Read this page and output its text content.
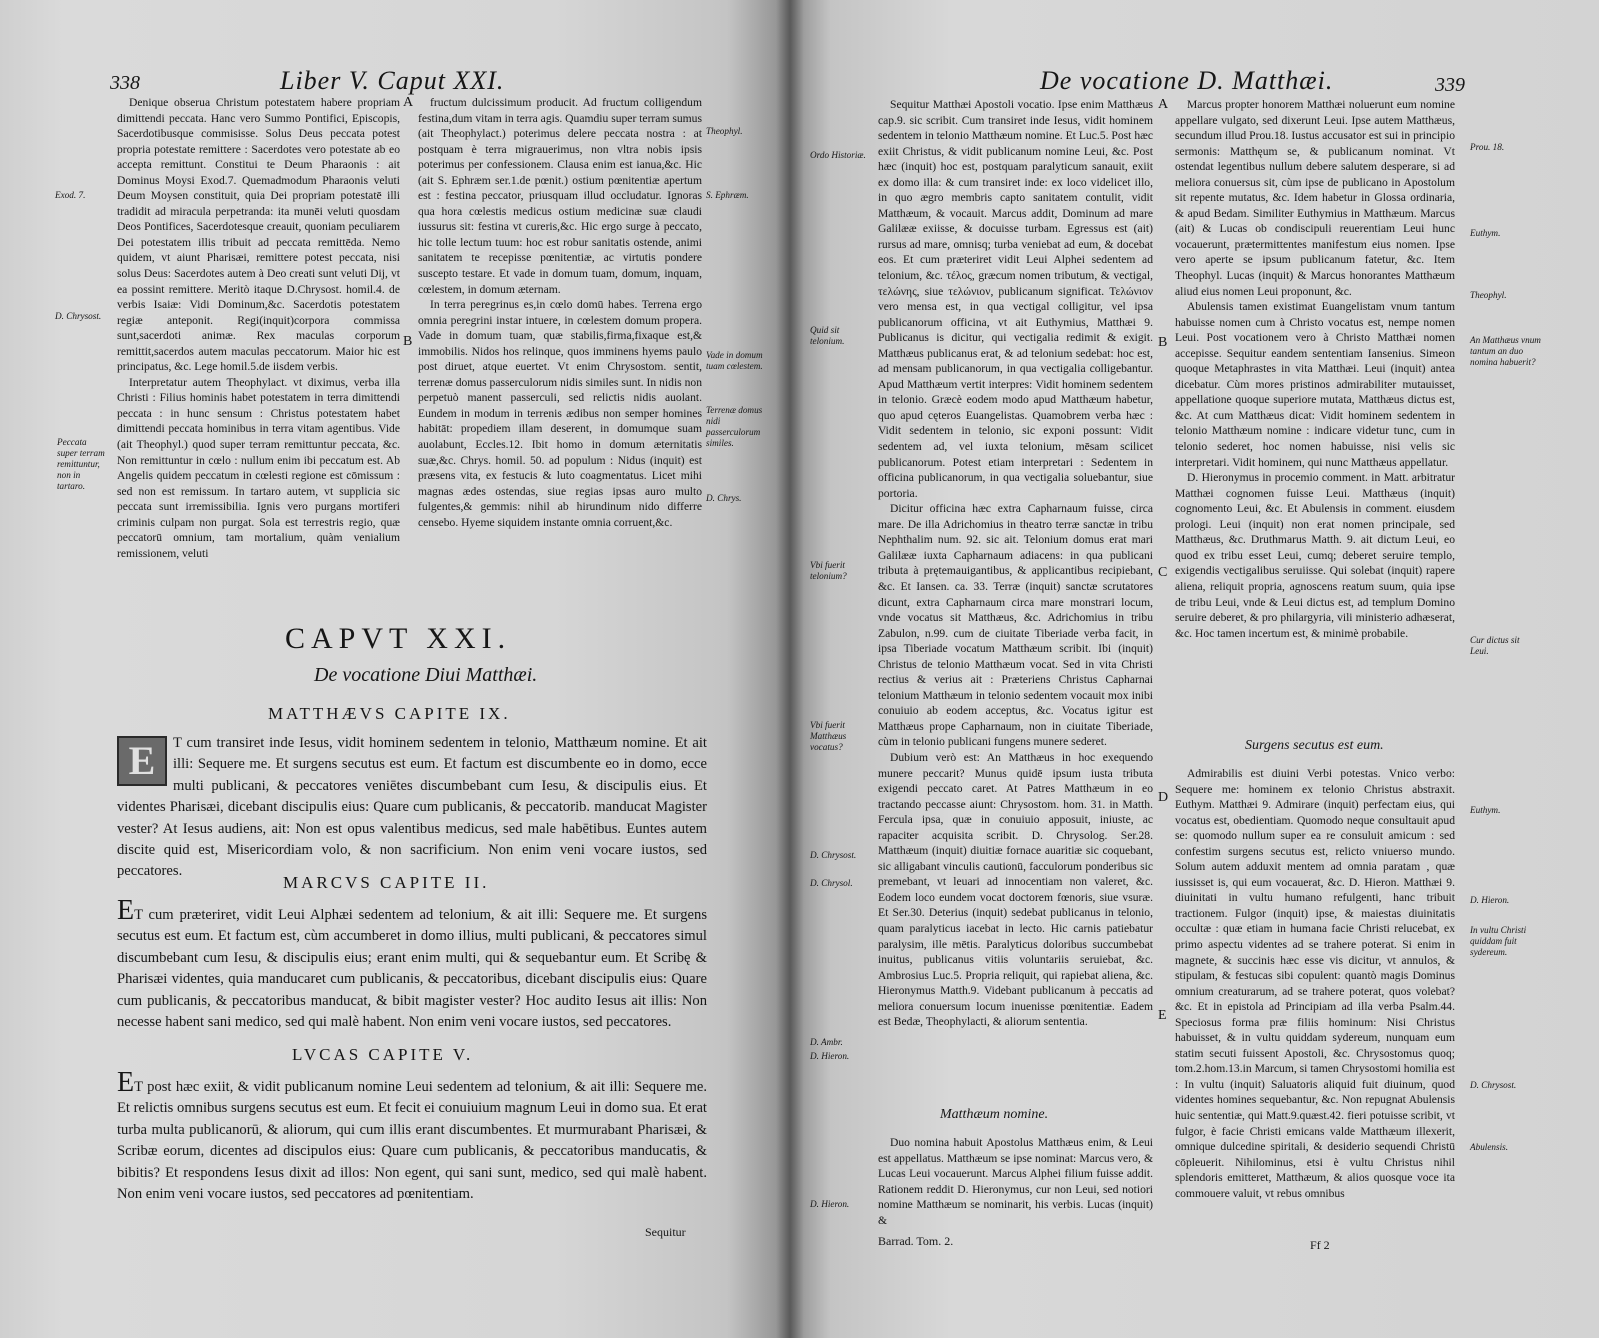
338	Liber V. Caput XXI.

Denique obserua Christum potestatem habere propriam dimittendi peccata. Hanc vero Summo Pontifici, Episcopis, Sacerdotibusque commisisse. Solus Deus peccata potest propria potestate remittere : Sacerdotes vero potestate ab eo accepta remittunt. Constitui te Deum Pharaonis : ait Dominus Moysi Exod.7. Quemadmodum Pharaonis veluti Deum Moysen constituit, quia Dei propriam potestatē illi tradidit ad miracula perpetranda: ita munēi veluti quosdam Deos Pontifices, Sacerdotesque creauit, quoniam peculiarem Dei potestatem illis tribuit ad peccata remittēda. Nemo quidem, vt aiunt Pharisæi, remittere potest peccata, nisi solus Deus: Sacerdotes autem à Deo creati sunt veluti Dij, vt ea possint remittere. Meritò itaque D.Chrysost. homil.4. de verbis Isaiæ: Vidi Dominum,&c. Sacerdotis potestatem regiæ anteponit. Regi(inquit)corpora commissa sunt,sacerdoti animæ. Rex maculas corporum remittit,sacerdos autem maculas peccatorum. Maior hic est principatus, &c. Lege homil.5.de iisdem verbis.

Interpretatur autem Theophylact. vt diximus, verba illa Christi : Filius hominis habet potestatem in terra dimittendi peccata : in hunc sensum : Christus potestatem habet dimittendi peccata hominibus in terra vitam agentibus. Vide (ait Theophyl.) quod super terram remittuntur peccata, &c. Non remittuntur in cœlo : nullum enim ibi peccatum est. Ab Angelis quidem peccatum in cœlesti regione est cōmissum : sed non est remissum. In tartaro autem, vt supplicia sic peccata sunt irremissibilia. Ignis vero purgans mortiferi criminis culpam non purgat. Sola est terrestris regio, quæ peccatorū omnium, tam mortalium, quàm venialium remissionem, veluti

Exod. 7.
D. Chrysost.
Peccata super terram remittuntur, non in tartaro.
A
B

fructum dulcissimum producit. Ad fructum colligendum festina,dum vitam in terra agis. Quamdiu super terram sumus (ait Theophylact.) poterimus delere peccata nostra : at postquam è terra migrauerimus, non vltra nobis ipsis poterimus per confessionem. Clausa enim est ianua,&c. Hic (ait S. Ephræm ser.1.de pœnit.) ostium pœnitentiæ apertum est : festina peccator, priusquam illud occludatur. Ignoras qua hora cœlestis medicus ostium medicinæ suæ claudi iussurus sit: festina vt cureris,&c. Hic ergo surge à peccato, hic tolle lectum tuum: hoc est robur sanitatis ostende, animi sanitatem te recepisse pœnitentiæ, ac virtutis pondere suscepto testare. Et vade in domum tuam, domum, inquam, cœlestem, in domum æternam.

In terra peregrinus es,in cœlo domū habes. Terrena ergo omnia peregrini instar intuere, in cœlestem domum propera. Vade in domum tuam, quæ stabilis,firma,fixaque est,& immobilis. Nidos hos relinque, quos imminens hyems paulo post diruet, atque euertet. Vt enim Chrysostom. sentit, terrenæ domus passerculorum nidis similes sunt. In nidis non perpetuò manent passerculi, sed relictis nidis auolant. Eundem in modum in terrenis ædibus non semper homines habitāt: propediem illam deserent, in domumque suam auolabunt, Eccles.12. Ibit homo in domum æternitatis suæ,&c. Chrys. homil. 50. ad populum : Nidus (inquit) est præsens vita, ex festucis & luto coagmentatus. Licet mihi magnas ædes ostendas, siue regias ipsas auro multo fulgentes,& gemmis: nihil ab hirundinum nido differre censebo. Hyeme siquidem instante omnia corruent,&c.

Theophyl.
S. Ephræm.
Vade in domum tuam cœlestem.
Terrenæ domus nidi passerculorum similes.
D. Chrys.
CAPVT XXI.
De vocatione Diui Matthæi.
MATTHÆVS CAPITE IX.

E	T cum transiret inde Iesus, vidit hominem sedentem in telonio, Matthæum nomine. Et ait illi: Sequere me. Et surgens secutus est eum. Et factum est discumbente eo in domo, ecce multi publicani, & peccatores veniētes discumbebant cum Iesu, & discipulis eius. Et videntes Pharisæi, dicebant discipulis eius: Quare cum publicanis, & peccatorib. manducat Magister vester? At Iesus audiens, ait: Non est opus valentibus medicus, sed male habētibus. Euntes autem discite quid est, Misericordiam volo, & non sacrificium. Non enim veni vocare iustos, sed peccatores.

MARCVS CAPITE II.

ET cum præteriret, vidit Leui Alphæi sedentem ad telonium, & ait illi: Sequere me. Et surgens secutus est eum. Et factum est, cùm accumberet in domo illius, multi publicani, & peccatores simul discumbebant cum Iesu, & discipulis eius; erant enim multi, qui & sequebantur eum. Et Scribę & Pharisæi videntes, quia manducaret cum publicanis, & peccatoribus, dicebant discipulis eius: Quare cum publicanis, & peccatoribus manducat, & bibit magister vester? Hoc audito Iesus ait illis: Non necesse habent sani medico, sed qui malè habent. Non enim veni vocare iustos, sed peccatores.

LVCAS CAPITE V.

ET post hæc exiit, & vidit publicanum nomine Leui sedentem ad telonium, & ait illi: Sequere me. Et relictis omnibus surgens secutus est eum. Et fecit ei conuiuium magnum Leui in domo sua. Et erat turba multa publicanorū, & aliorum, qui cum illis erant discumbentes. Et murmurabant Pharisæi, & Scribæ eorum, dicentes ad discipulos eius: Quare cum publicanis, & peccatoribus manducatis, & bibitis? Et respondens Iesus dixit ad illos: Non egent, qui sani sunt, medico, sed qui malè habent. Non enim veni vocare iustos, sed peccatores ad pœnitentiam.

Sequitur
De vocatione D. Matthæi.	339

Sequitur Matthæi Apostoli vocatio. Ipse enim Matthæus cap.9. sic scribit. Cum transiret inde Iesus, vidit hominem sedentem in telonio Matthæum nomine. Et Luc.5. Post hæc exiit Christus, & vidit publicanum nomine Leui, &c. Post hæc (inquit) hoc est, postquam paralyticum sanauit, exiit ex domo illa: & cum transiret inde: ex loco videlicet illo, in quo ægro membris capto sanitatem contulit, vidit Matthæum, & vocauit. Marcus addit, Dominum ad mare Galilææ exiisse, & docuisse turbam. Egressus est (ait) rursus ad mare, omnisq; turba veniebat ad eum, & docebat eos. Et cum præteriret vidit Leui Alphei sedentem ad telonium, &c. τέλος, græcum nomen tributum, & vectigal, τελώνης, siue τελώνιον, publicanum significat. Τελώνιον vero mensa est, in qua vectigal colligitur, vel ipsa publicanorum officina, vt ait Euthymius, Matthæi 9. Publicanus is dicitur, qui vectigalia redimit & exigit. Matthæus publicanus erat, & ad telonium sedebat: hoc est, ad mensam publicanorum, in qua vectigalia colligebantur. Apud Matthæum vertit interpres: Vidit hominem sedentem in telonio. Græcè eodem modo apud Matthæum habetur, quo apud cęteros Euangelistas. Quamobrem verba hæc : Vidit sedentem in telonio, sic exponi possunt: Vidit sedentem ad, vel iuxta telonium, mēsam scilicet publicanorum. Potest etiam interpretari : Sedentem in officina publicanorum, in qua vectigalia soluebantur, siue portoria.

Dicitur officina hæc extra Capharnaum fuisse, circa mare. De illa Adrichomius in theatro terræ sanctæ in tribu Nephthalim num. 92. sic ait. Telonium domus erat mari Galilææ iuxta Capharnaum adiacens: in qua publicani tributa à prętemauigantibus, & applicantibus recipiebant, &c. Et Iansen. ca. 33. Terræ (inquit) sanctæ scrutatores dicunt, extra Capharnaum circa mare monstrari locum, vnde vocatus sit Matthæus, &c. Adrichomius in tribu Zabulon, n.99. cum de ciuitate Tiberiade verba facit, in ipsa Tiberiade vocatum Matthæum scribit. Ibi (inquit) Christus de telonio Matthæum vocat. Sed in vita Christi rectius & verius ait : Præteriens Christus Capharnai telonium Matthæum in telonio sedentem vocauit mox inibi conuiuio ab eodem acceptus, &c. Vocatus igitur est Matthæus prope Capharnaum, non in ciuitate Tiberiade, cùm in telonio publicani fungens munere sederet.

Dubium verò est: An Matthæus in hoc exequendo munere peccarit? Munus quidē ipsum iusta tributa exigendi peccato caret. At Patres Matthæum in eo tractando peccasse aiunt: Chrysostom. hom. 31. in Matth. Fercula ipsa, quæ in conuiuio apposuit, iniuste, ac rapaciter acquisita scribit. D. Chrysolog. Ser.28. Matthæum (inquit) diuitiæ fornace auaritiæ sic coquebant, sic alligabant vinculis cautionū, facculorum ponderibus sic premebant, vt leuari ad innocentiam non valeret, &c. Eodem loco eundem vocat doctorem fœnoris, siue vsuræ. Et Ser.30. Deterius (inquit) sedebat publicanus in telonio, quam paralyticus iacebat in lecto. Hic carnis patiebatur paralysim, ille mētis. Paralyticus doloribus succumbebat inuitus, publicanus vitiis voluntariis seruiebat, &c. Ambrosius Luc.5. Propria reliquit, qui rapiebat aliena, &c. Hieronymus Matth.9. Videbant publicanum à peccatis ad meliora conuersum locum inuenisse pœnitentiæ. Eadem est Bedæ, Theophylacti, & aliorum sententia.

Matthæum nomine.

Duo nomina habuit Apostolus Matthæus enim, & Leui est appellatus. Matthæum se ipse nominat: Marcus vero, & Lucas Leui vocauerunt. Marcus Alphei filium fuisse addit. Rationem reddit D. Hieronymus, cur non Leui, sed notiori nomine Matthæum se nominarit, his verbis. Lucas (inquit) &

Barrad. Tom. 2.
Ordo Historiæ.
Quid sit telonium.
Vbi fuerit telonium?
Vbi fuerit Matthæus vocatus?
D. Chrysost.
D. Chrysol.
D. Ambr.
D. Hieron.
D. Hieron.
A
B
C
D
E

Marcus propter honorem Matthæi noluerunt eum nomine appellare vulgato, sed dixerunt Leui. Ipse autem Matthæus, secundum illud Prou.18. Iustus accusator est sui in principio sermonis: Matthęum se, & publicanum nominat. Vt ostendat legentibus nullum debere salutem desperare, si ad meliora conuersus sit, cùm ipse de publicano in Apostolum sit repente mutatus, &c. Idem habetur in Glossa ordinaria, & apud Bedam. Similiter Euthymius in Matthæum. Marcus (ait) & Lucas ob condiscipuli reuerentiam Leui hunc vocauerunt, prætermittentes manifestum eius nomen. Ipse vero aperte se ipsum publicanum fatetur, &c. Item Theophyl. Lucas (inquit) & Marcus honorantes Matthæum aliud eius nomen Leui proponunt, &c.

Abulensis tamen existimat Euangelistam vnum tantum habuisse nomen cum à Christo vocatus est, nempe nomen Leui. Post vocationem vero à Christo Matthæi nomen accepisse. Sequitur eandem sententiam Iansenius. Simeon quoque Metaphrastes in vita Matthæi. Leui (inquit) antea dicebatur. Cùm mores pristinos admirabiliter mutauisset, appellatione quoque superiore mutata, Matthæus dictus est, &c. At cum Matthæus dicat: Vidit hominem sedentem in telonio Matthæum nomine : indicare videtur tunc, cum in telonio sederet, hoc nomen habuisse, nisi velis sic interpretari. Vidit hominem, qui nunc Matthæus appellatur.

D. Hieronymus in procemio comment. in Matt. arbitratur Matthæi cognomen fuisse Leui. Matthæus (inquit) cognomento Leui, &c. Et Abulensis in comment. eiusdem prologi. Leui (inquit) non erat nomen principale, sed Matthæus, &c. Druthmarus Matth. 9. ait dictum Leui, eo quod ex tribu esset Leui, cumq; deberet seruire templo, exigendis vectigalibus seruiisse. Qui solebat (inquit) rapere aliena, reliquit propria, agnoscens reatum suum, quia ipse de tribu Leui, vnde & Leui dictus est, ad templum Domino seruire deberet, & pro philargyria, vili ministerio adhæserat, &c. Hoc tamen incertum est, & minimè probabile.

Surgens secutus est eum.

Admirabilis est diuini Verbi potestas. Vnico verbo: Sequere me: hominem ex telonio Christus abstraxit. Euthym. Matthæi 9. Admirare (inquit) perfectam eius, qui vocatus est, obedientiam. Quomodo neque consultauit apud se: quomodo nullum super ea re consuluit amicum : sed confestim surgens secutus est, relicto vniuerso mundo. Solum autem adduxit mentem ad omnia paratam , quæ iussisset is, qui eum vocauerat, &c. D. Hieron. Matthæi 9. diuinitati in vultu humano refulgenti, hanc tribuit tractionem. Fulgor (inquit) ipse, & maiestas diuinitatis occultæ : quæ etiam in humana facie Christi relucebat, ex primo aspectu videntes ad se trahere poterat. Si enim in magnete, & succinis hæc esse vis dicitur, vt annulos, & stipulam, & festucas sibi copulent: quantò magis Dominus omnium creaturarum, ad se trahere poterat, quos volebat? &c. Et in epistola ad Principiam ad illa verba Psalm.44. Speciosus forma præ filiis hominum: Nisi Christus habuisset, & in vultu quiddam sydereum, nunquam eum statim secuti fuissent Apostoli, &c. Chrysostomus quoq; tom.2.hom.13.in Marcum, si tamen Chrysostomi homilia est : In vultu (inquit) Saluatoris aliquid fuit diuinum, quod videntes homines sequebantur, &c. Non repugnat Abulensis huic sententiæ, qui Matt.9.quæst.42. fieri potuisse scribit, vt fulgor, è facie Christi emicans valde Matthæum illexerit, omnique dulcedine spiritali, & desiderio sequendi Christū cōpleuerit. Nihilominus, etsi è vultu Christus nihil splendoris emitteret, Matthæum, & alios quosque voce ita commouere valuit, vt rebus omnibus

Ff 2
Prou. 18.
Euthym.
Theophyl.
An Matthæus vnum tantum an duo nomina habuerit?
Cur dictus sit Leui.
Euthym.
D. Hieron.
In vultu Christi quiddam fuit sydereum.
D. Chrysost.
Abulensis.
